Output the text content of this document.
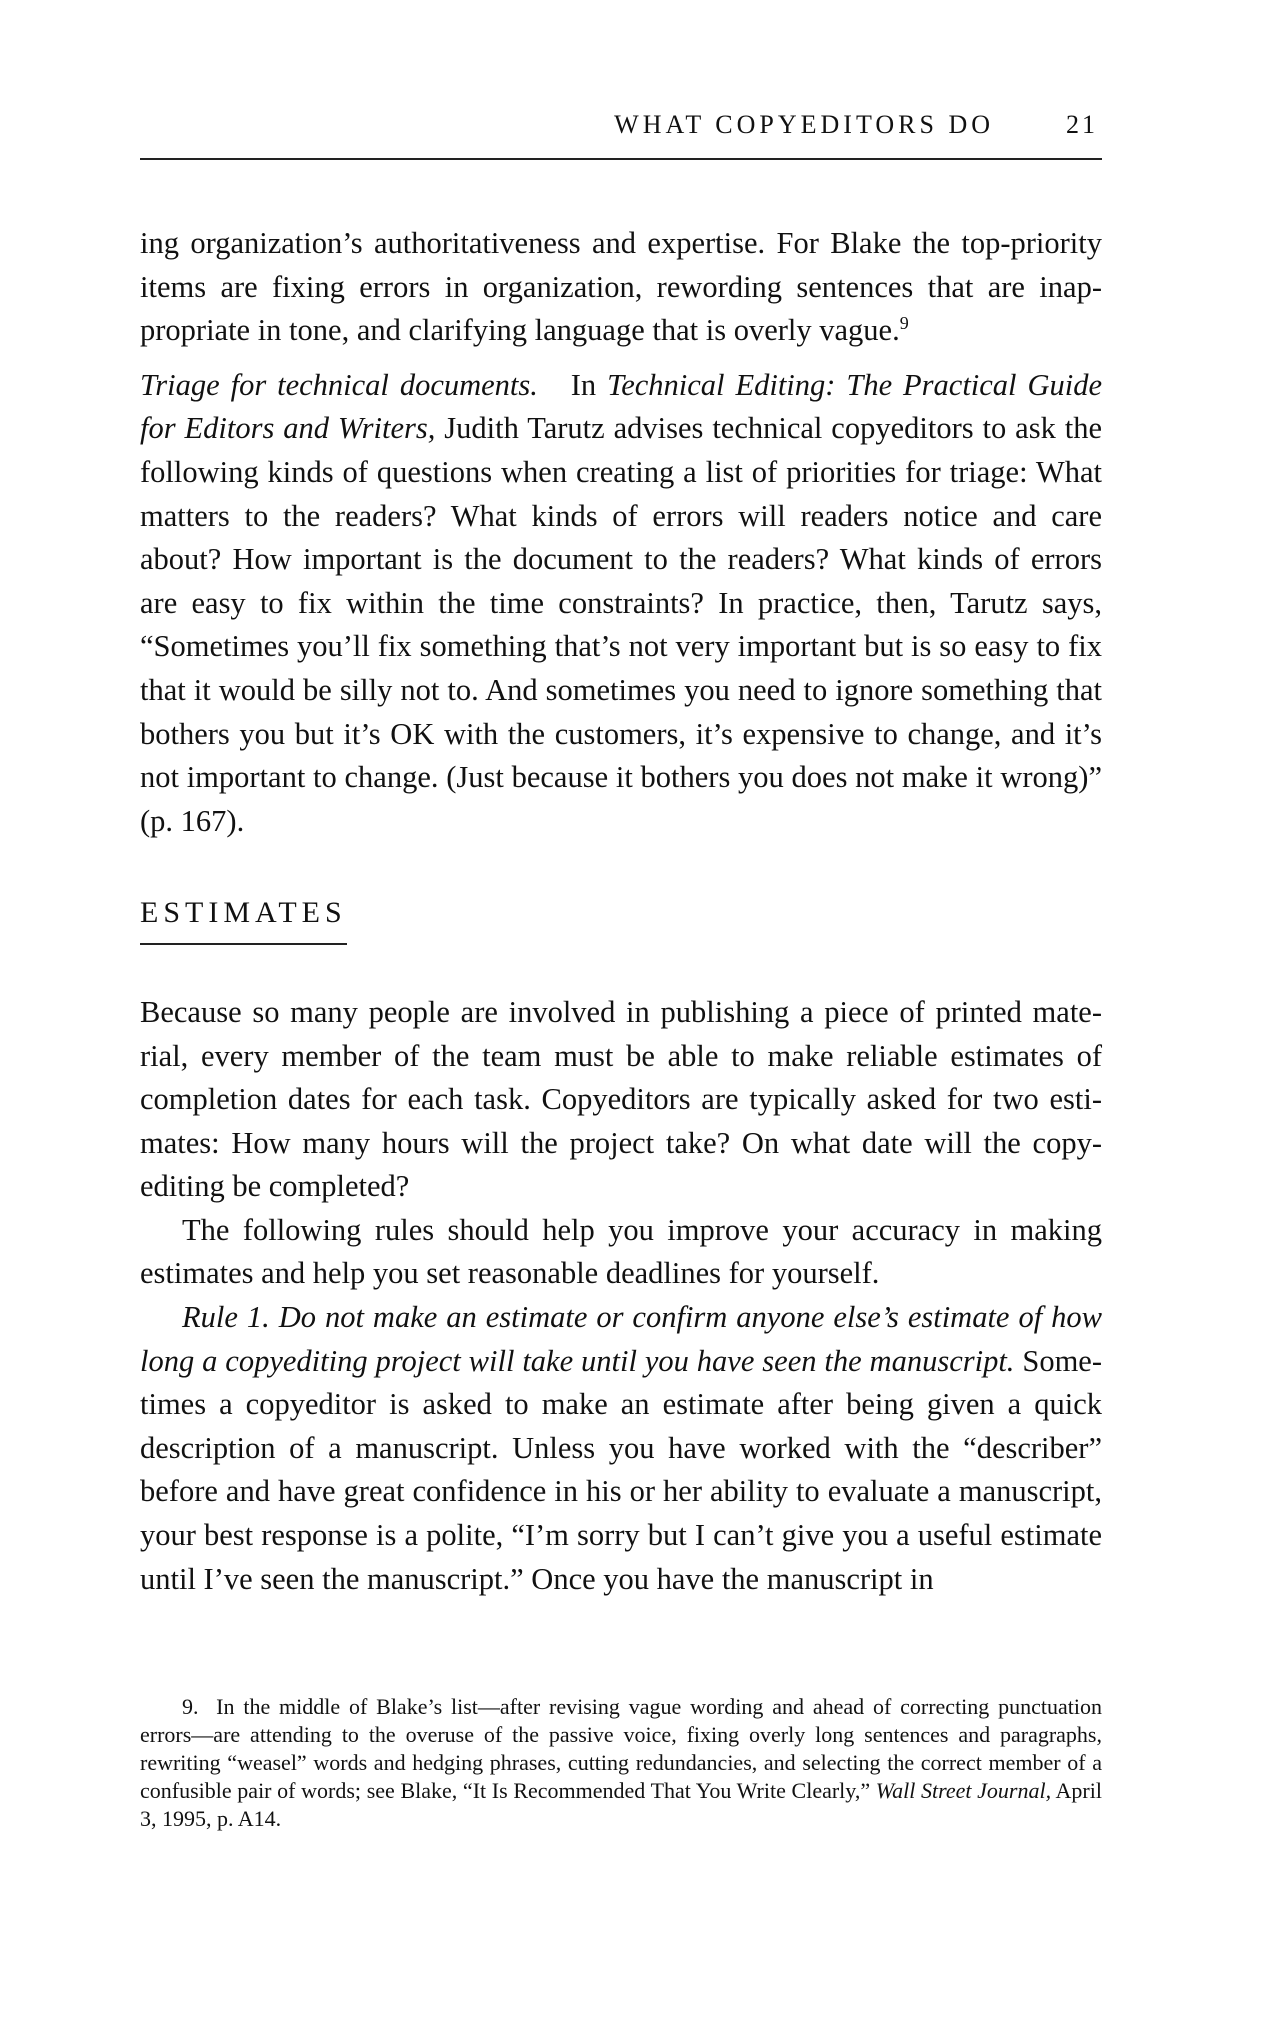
WHAT COPYEDITORS DO	21

ing organization’s authoritativeness and expertise. For Blake the top-priority items are fixing errors in organization, rewording sentences that are inappropriate in tone, and clarifying language that is overly vague.$^9$

Triage for technical documents. In Technical Editing: The Practical Guide for Editors and Writers, Judith Tarutz advises technical copyeditors to ask the following kinds of questions when creating a list of priorities for triage: What matters to the readers? What kinds of errors will readers notice and care about? How important is the document to the readers? What kinds of errors are easy to fix within the time constraints? In practice, then, Tarutz says, “Sometimes you’ll fix something that’s not very important but is so easy to fix that it would be silly not to. And sometimes you need to ignore something that bothers you but it’s OK with the customers, it’s expensive to change, and it’s not important to change. (Just because it bothers you does not make it wrong)” (p. 167).

ESTIMATES

Because so many people are involved in publishing a piece of printed material, every member of the team must be able to make reliable estimates of completion dates for each task. Copyeditors are typically asked for two estimates: How many hours will the project take? On what date will the copyediting be completed?

The following rules should help you improve your accuracy in making estimates and help you set reasonable deadlines for yourself.

Rule 1. Do not make an estimate or confirm anyone else’s estimate of how long a copyediting project will take until you have seen the manuscript. Sometimes a copyeditor is asked to make an estimate after being given a quick description of a manuscript. Unless you have worked with the “describer” before and have great confidence in his or her ability to evaluate a manuscript, your best response is a polite, “I’m sorry but I can’t give you a useful estimate until I’ve seen the manuscript.” Once you have the manuscript in

9. In the middle of Blake’s list—after revising vague wording and ahead of correcting punctuation errors—are attending to the overuse of the passive voice, fixing overly long sentences and paragraphs, rewriting “weasel” words and hedging phrases, cutting redundancies, and selecting the correct member of a confusible pair of words; see Blake, “It Is Recommended That You Write Clearly,” Wall Street Journal, April 3, 1995, p. A14.
